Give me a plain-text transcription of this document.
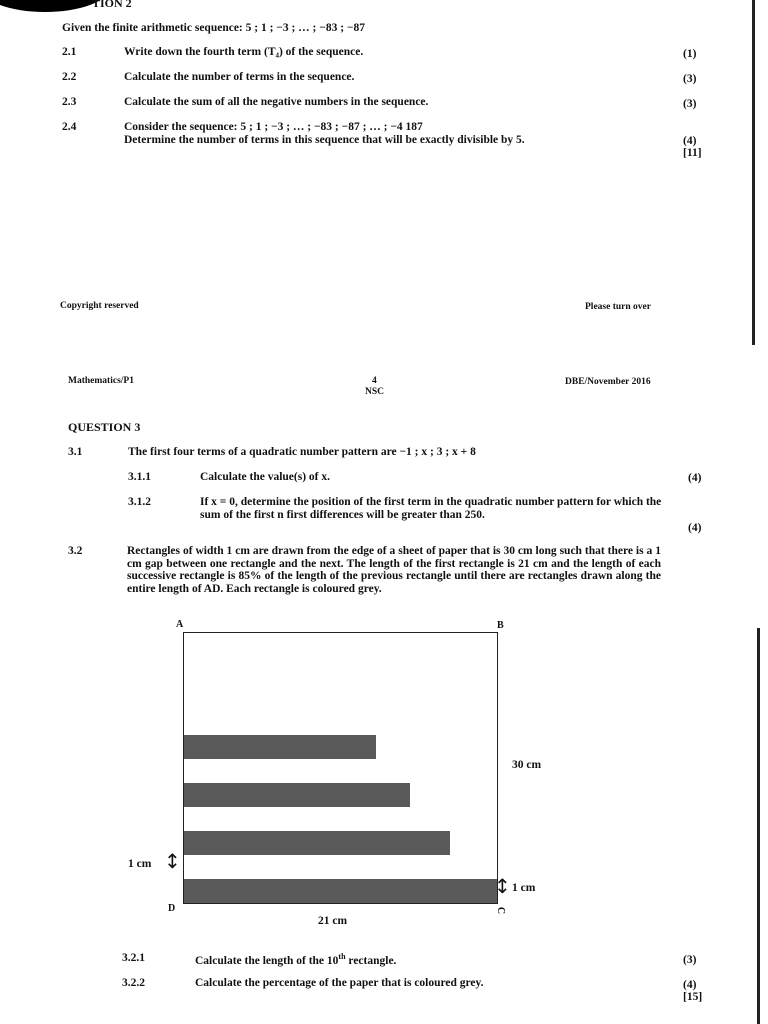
TION 2
Given the finite arithmetic sequence: 5 ; 1 ; −3 ; … ; −83 ; −87
2.1	Write down the fourth term (T₄) of the sequence.	(1)
2.2	Calculate the number of terms in the sequence.	(3)
2.3	Calculate the sum of all the negative numbers in the sequence.	(3)
2.4	Consider the sequence: 5 ; 1 ; −3 ; … ; −83 ; −87 ; … ; −4 187
Determine the number of terms in this sequence that will be exactly divisible by 5.	(4)
[11]
Copyright reserved	Please turn over
Mathematics/P1	4
NSC
DBE/November 2016
QUESTION 3
3.1	The first four terms of a quadratic number pattern are −1 ; x ; 3 ; x + 8
3.1.1	Calculate the value(s) of x.	(4)
3.1.2	If x = 0, determine the position of the first term in the quadratic number pattern for which the sum of the first n first differences will be greater than 250.
(4)
3.2	Rectangles of width 1 cm are drawn from the edge of a sheet of paper that is 30 cm long such that there is a 1 cm gap between one rectangle and the next. The length of the first rectangle is 21 cm and the length of each successive rectangle is 85% of the length of the previous rectangle until there are rectangles drawn along the entire length of AD. Each rectangle is coloured grey.
A	B
D	C
30 cm
21 cm
1 cm ↕
↕ 1 cm
3.2.1	Calculate the length of the 10th rectangle.	(3)
3.2.2	Calculate the percentage of the paper that is coloured grey.	(4)
[15]
